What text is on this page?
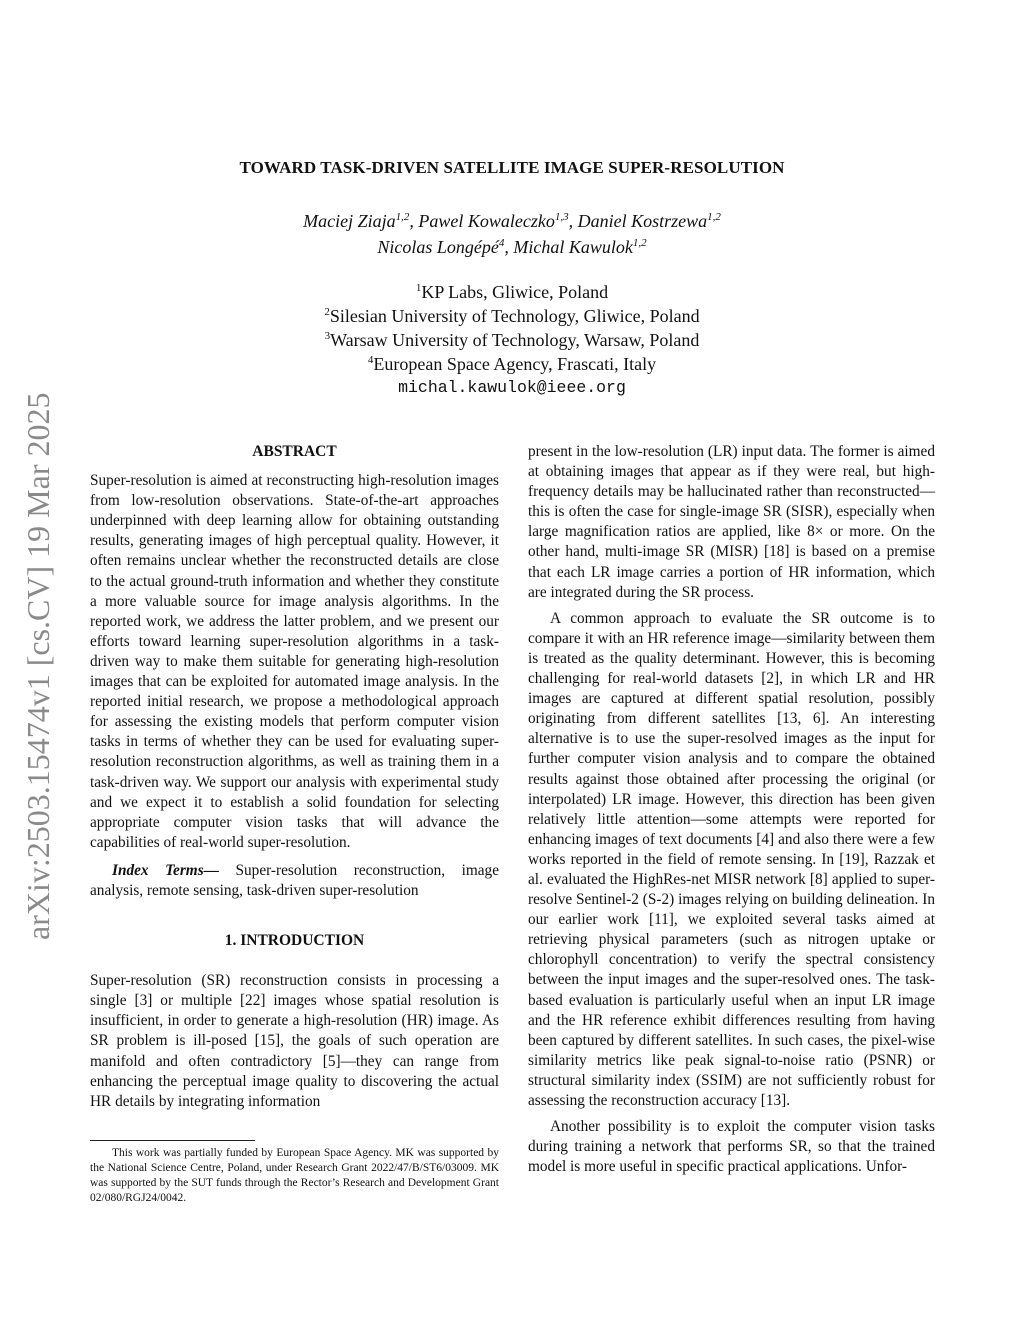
arXiv:2503.15474v1 [cs.CV] 19 Mar 2025
TOWARD TASK-DRIVEN SATELLITE IMAGE SUPER-RESOLUTION
Maciej Ziaja$^{1,2}$, Pawel Kowaleczko$^{1,3}$, Daniel Kostrzewa$^{1,2}$
Nicolas Longépé$^4$, Michal Kawulok$^{1,2}$
$^1$KP Labs, Gliwice, Poland
$^2$Silesian University of Technology, Gliwice, Poland
$^3$Warsaw University of Technology, Warsaw, Poland
$^4$European Space Agency, Frascati, Italy
michal.kawulok@ieee.org
ABSTRACT

Super-resolution is aimed at reconstructing high-resolution images from low-resolution observations. State-of-the-art approaches underpinned with deep learning allow for obtaining outstanding results, generating images of high perceptual quality. However, it often remains unclear whether the reconstructed details are close to the actual ground-truth information and whether they constitute a more valuable source for image analysis algorithms. In the reported work, we address the latter problem, and we present our efforts toward learning super-resolution algorithms in a task-driven way to make them suitable for generating high-resolution images that can be exploited for automated image analysis. In the reported initial research, we propose a methodological approach for assessing the existing models that perform computer vision tasks in terms of whether they can be used for evaluating super-resolution reconstruction algorithms, as well as training them in a task-driven way. We support our analysis with experimental study and we expect it to establish a solid foundation for selecting appropriate computer vision tasks that will advance the capabilities of real-world super-resolution.

Index Terms— Super-resolution reconstruction, image analysis, remote sensing, task-driven super-resolution

1. INTRODUCTION

Super-resolution (SR) reconstruction consists in processing a single [3] or multiple [22] images whose spatial resolution is insufficient, in order to generate a high-resolution (HR) image. As SR problem is ill-posed [15], the goals of such operation are manifold and often contradictory [5]—they can range from enhancing the perceptual image quality to discovering the actual HR details by integrating information

This work was partially funded by European Space Agency. MK was supported by the National Science Centre, Poland, under Research Grant 2022/47/B/ST6/03009. MK was supported by the SUT funds through the Rector’s Research and Development Grant 02/080/RGJ24/0042.

present in the low-resolution (LR) input data. The former is aimed at obtaining images that appear as if they were real, but high-frequency details may be hallucinated rather than reconstructed—this is often the case for single-image SR (SISR), especially when large magnification ratios are applied, like 8× or more. On the other hand, multi-image SR (MISR) [18] is based on a premise that each LR image carries a portion of HR information, which are integrated during the SR process.

A common approach to evaluate the SR outcome is to compare it with an HR reference image—similarity between them is treated as the quality determinant. However, this is becoming challenging for real-world datasets [2], in which LR and HR images are captured at different spatial resolution, possibly originating from different satellites [13, 6]. An interesting alternative is to use the super-resolved images as the input for further computer vision analysis and to compare the obtained results against those obtained after processing the original (or interpolated) LR image. However, this direction has been given relatively little attention—some attempts were reported for enhancing images of text documents [4] and also there were a few works reported in the field of remote sensing. In [19], Razzak et al. evaluated the HighRes-net MISR network [8] applied to super-resolve Sentinel-2 (S-2) images relying on building delineation. In our earlier work [11], we exploited several tasks aimed at retrieving physical parameters (such as nitrogen uptake or chlorophyll concentration) to verify the spectral consistency between the input images and the super-resolved ones. The task-based evaluation is particularly useful when an input LR image and the HR reference exhibit differences resulting from having been captured by different satellites. In such cases, the pixel-wise similarity metrics like peak signal-to-noise ratio (PSNR) or structural similarity index (SSIM) are not sufficiently robust for assessing the reconstruction accuracy [13].

Another possibility is to exploit the computer vision tasks during training a network that performs SR, so that the trained model is more useful in specific practical applications. Unfor-
